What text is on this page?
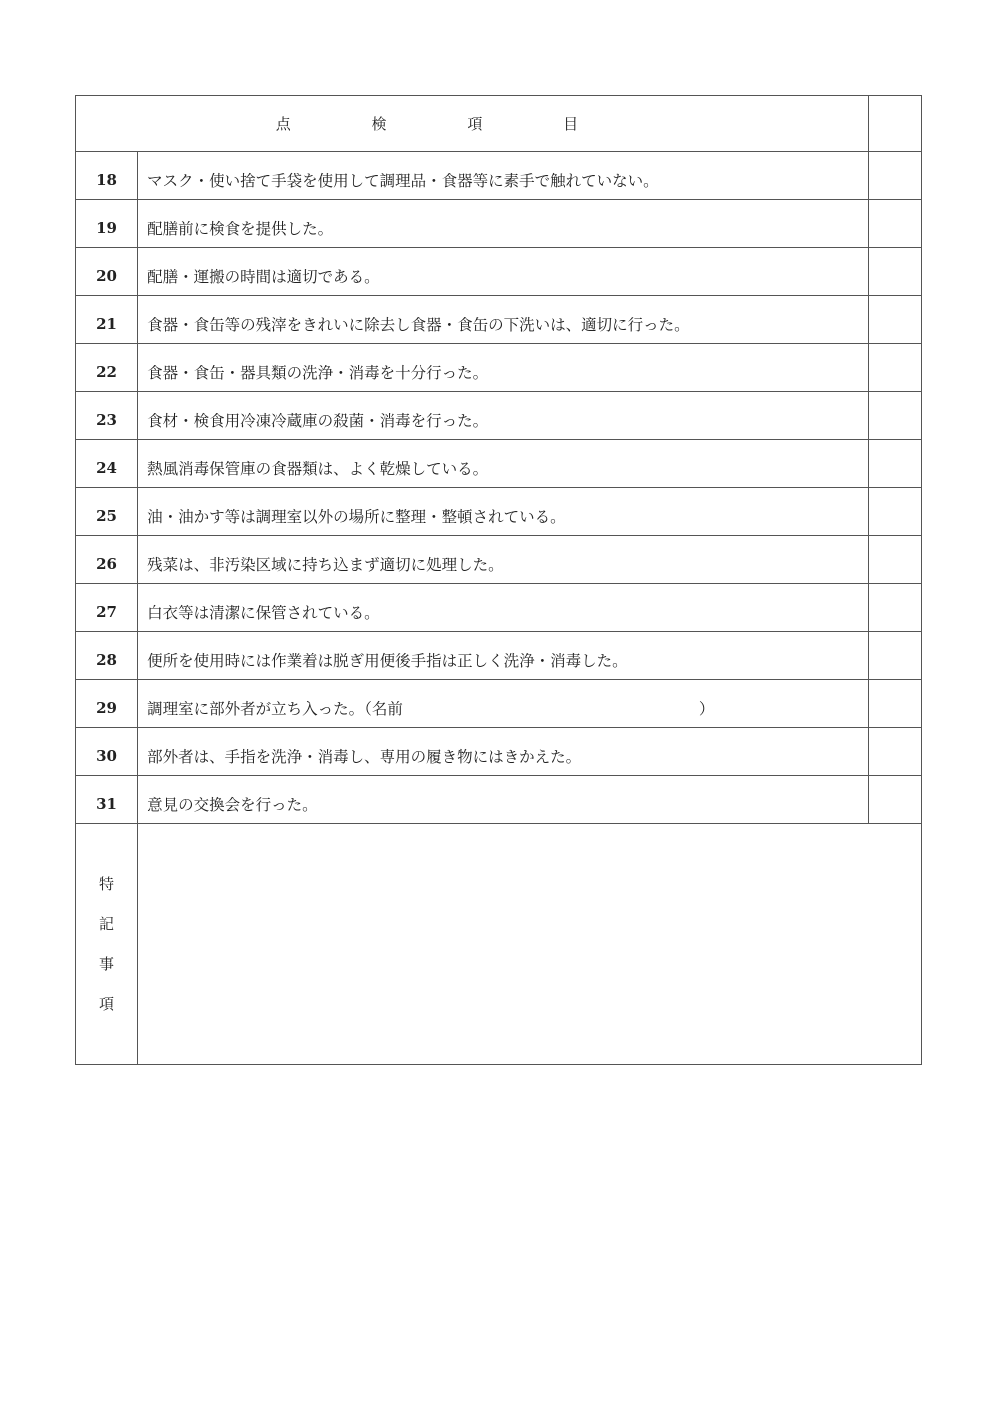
点 検 項 目		
18	マスク・使い捨て手袋を使用して調理品・食器等に素手で触れていない。	
19	配膳前に検食を提供した。	
20	配膳・運搬の時間は適切である。	
21	食器・食缶等の残滓をきれいに除去し食器・食缶の下洗いは、適切に行った。	
22	食器・食缶・器具類の洗浄・消毒を十分行った。	
23	食材・検食用冷凍冷蔵庫の殺菌・消毒を行った。	
24	熱風消毒保管庫の食器類は、よく乾燥している。	
25	油・油かす等は調理室以外の場所に整理・整頓されている。	
26	残菜は、非汚染区域に持ち込まず適切に処理した。	
27	白衣等は清潔に保管されている。	
28	便所を使用時には作業着は脱ぎ用便後手指は正しく洗浄・消毒した。	
29	調理室に部外者が立ち入った。（名前 ）	
30	部外者は、手指を洗浄・消毒し、専用の履き物にはきかえた。	
31	意見の交換会を行った。	

特
記
事
項		
